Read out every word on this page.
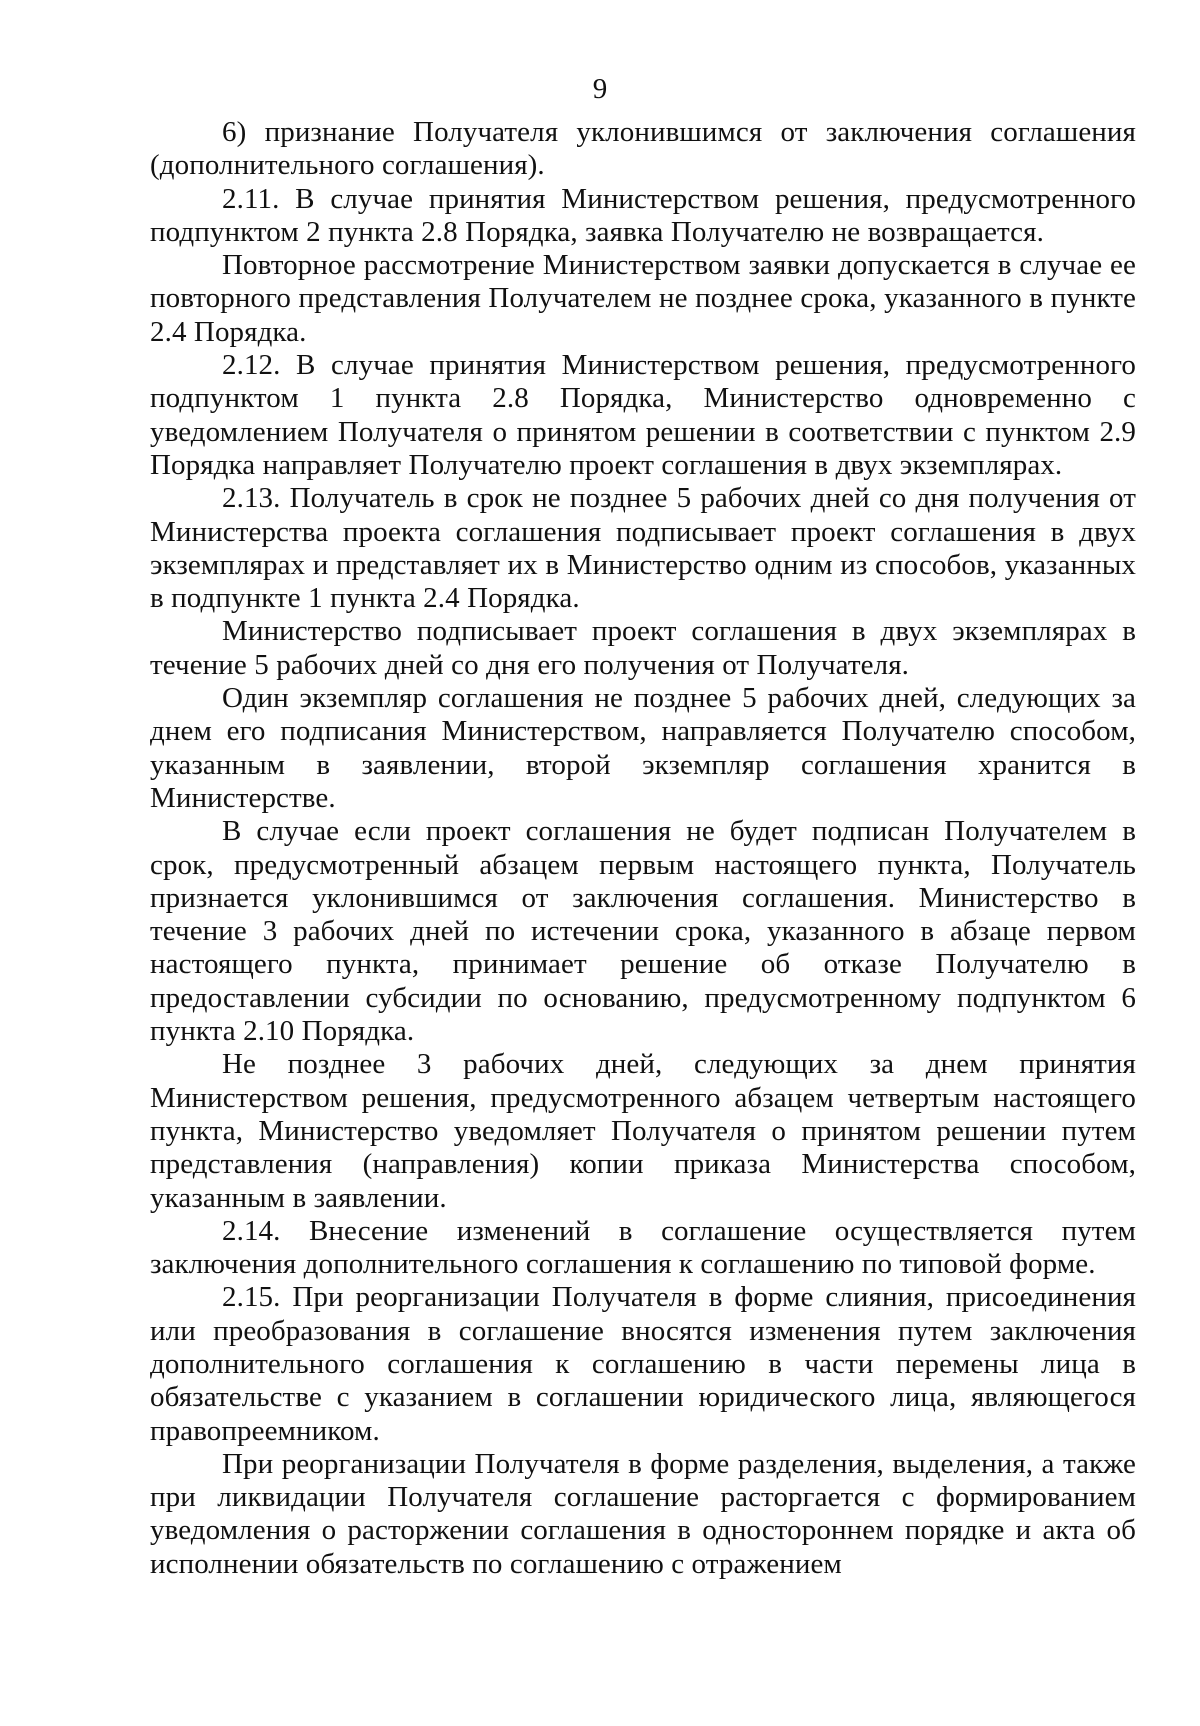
9

6) признание Получателя уклонившимся от заключения соглашения (дополнительного соглашения).

2.11. В случае принятия Министерством решения, предусмотренного подпунктом 2 пункта 2.8 Порядка, заявка Получателю не возвращается.

Повторное рассмотрение Министерством заявки допускается в случае ее повторного представления Получателем не позднее срока, указанного в пункте 2.4 Порядка.

2.12. В случае принятия Министерством решения, предусмотренного подпунктом 1 пункта 2.8 Порядка, Министерство одновременно с уведомлением Получателя о принятом решении в соответствии с пунктом 2.9 Порядка направляет Получателю проект соглашения в двух экземплярах.

2.13. Получатель в срок не позднее 5 рабочих дней со дня получения от Министерства проекта соглашения подписывает проект соглашения в двух экземплярах и представляет их в Министерство одним из способов, указанных в подпункте 1 пункта 2.4 Порядка.

Министерство подписывает проект соглашения в двух экземплярах в течение 5 рабочих дней со дня его получения от Получателя.

Один экземпляр соглашения не позднее 5 рабочих дней, следующих за днем его подписания Министерством, направляется Получателю способом, указанным в заявлении, второй экземпляр соглашения хранится в Министерстве.

В случае если проект соглашения не будет подписан Получателем в срок, предусмотренный абзацем первым настоящего пункта, Получатель признается уклонившимся от заключения соглашения. Министерство в течение 3 рабочих дней по истечении срока, указанного в абзаце первом настоящего пункта, принимает решение об отказе Получателю в предоставлении субсидии по основанию, предусмотренному подпунктом 6 пункта 2.10 Порядка.

Не позднее 3 рабочих дней, следующих за днем принятия Министерством решения, предусмотренного абзацем четвертым настоящего пункта, Министерство уведомляет Получателя о принятом решении путем представления (направления) копии приказа Министерства способом, указанным в заявлении.

2.14. Внесение изменений в соглашение осуществляется путем заключения дополнительного соглашения к соглашению по типовой форме.

2.15. При реорганизации Получателя в форме слияния, присоединения или преобразования в соглашение вносятся изменения путем заключения дополнительного соглашения к соглашению в части перемены лица в обязательстве с указанием в соглашении юридического лица, являющегося правопреемником.

При реорганизации Получателя в форме разделения, выделения, а также при ликвидации Получателя соглашение расторгается с формированием уведомления о расторжении соглашения в одностороннем порядке и акта об исполнении обязательств по соглашению с отражением
